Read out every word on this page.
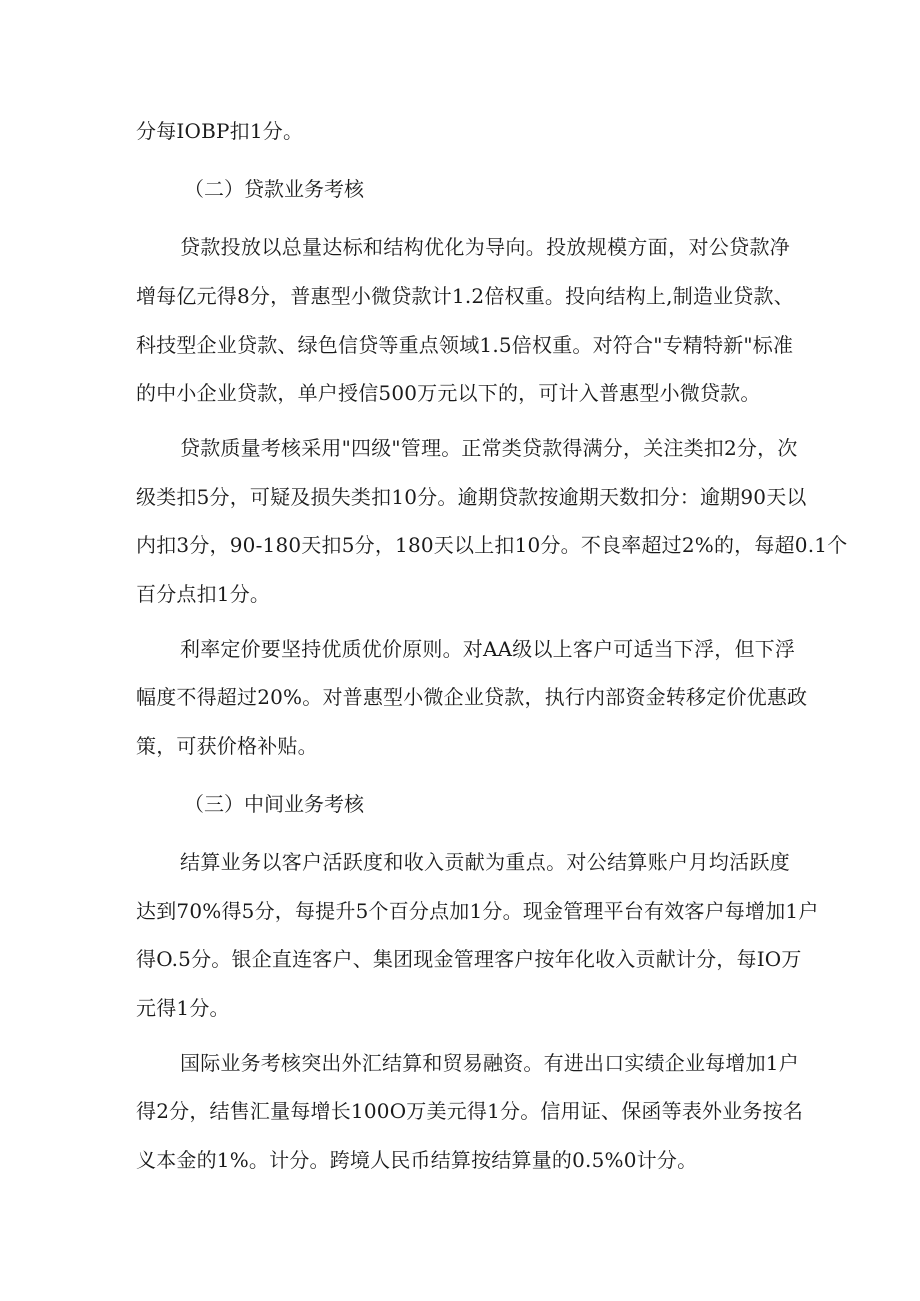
分每IOBP扣1分。
（二）贷款业务考核
贷款投放以总量达标和结构优化为导向。投放规模方面，对公贷款净
增每亿元得8分，普惠型小微贷款计1.2倍权重。投向结构上,制造业贷款、
科技型企业贷款、绿色信贷等重点领域1.5倍权重。对符合"专精特新"标准
的中小企业贷款，单户授信500万元以下的，可计入普惠型小微贷款。
贷款质量考核采用"四级"管理。正常类贷款得满分，关注类扣2分，次
级类扣5分，可疑及损失类扣10分。逾期贷款按逾期天数扣分：逾期90天以
内扣3分，90-180天扣5分，180天以上扣10分。不良率超过2%的，每超0.1个
百分点扣1分。
利率定价要坚持优质优价原则。对AA级以上客户可适当下浮，但下浮
幅度不得超过20%。对普惠型小微企业贷款，执行内部资金转移定价优惠政
策，可获价格补贴。
（三）中间业务考核
结算业务以客户活跃度和收入贡献为重点。对公结算账户月均活跃度
达到70%得5分，每提升5个百分点加1分。现金管理平台有效客户每增加1户
得O.5分。银企直连客户、集团现金管理客户按年化收入贡献计分，每IO万
元得1分。
国际业务考核突出外汇结算和贸易融资。有进出口实绩企业每增加1户
得2分，结售汇量每增长100O万美元得1分。信用证、保函等表外业务按名
义本金的1%。计分。跨境人民币结算按结算量的0.5%0计分。
